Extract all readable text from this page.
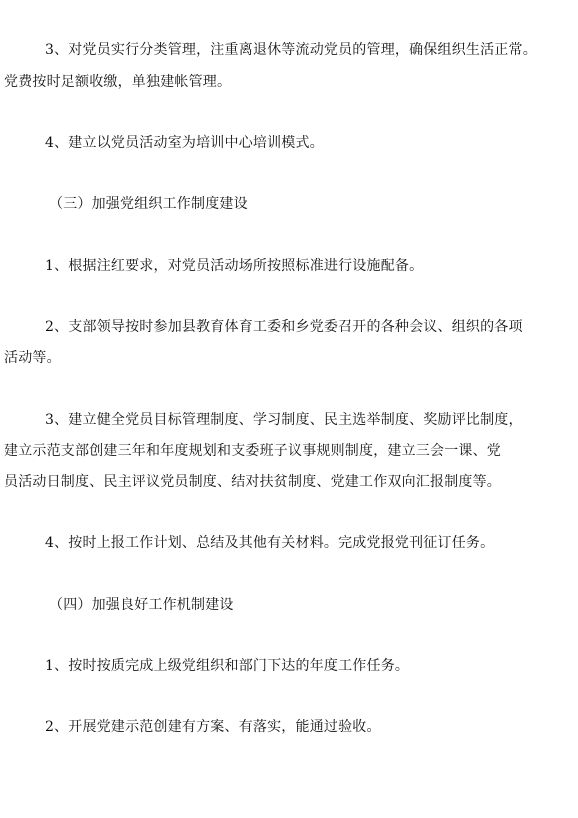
3、对党员实行分类管理，注重离退休等流动党员的管理，确保组织生活正常。
党费按时足额收缴，单独建帐管理。
4、建立以党员活动室为培训中心培训模式。
（三）加强党组织工作制度建设
1、根据注红要求，对党员活动场所按照标准进行设施配备。
2、支部领导按时参加县教育体育工委和乡党委召开的各种会议、组织的各项
活动等。
3、建立健全党员目标管理制度、学习制度、民主选举制度、奖励评比制度，
建立示范支部创建三年和年度规划和支委班子议事规则制度，建立三会一课、党
员活动日制度、民主评议党员制度、结对扶贫制度、党建工作双向汇报制度等。
4、按时上报工作计划、总结及其他有关材料。完成党报党刊征订任务。
（四）加强良好工作机制建设
1、按时按质完成上级党组织和部门下达的年度工作任务。
2、开展党建示范创建有方案、有落实，能通过验收。
